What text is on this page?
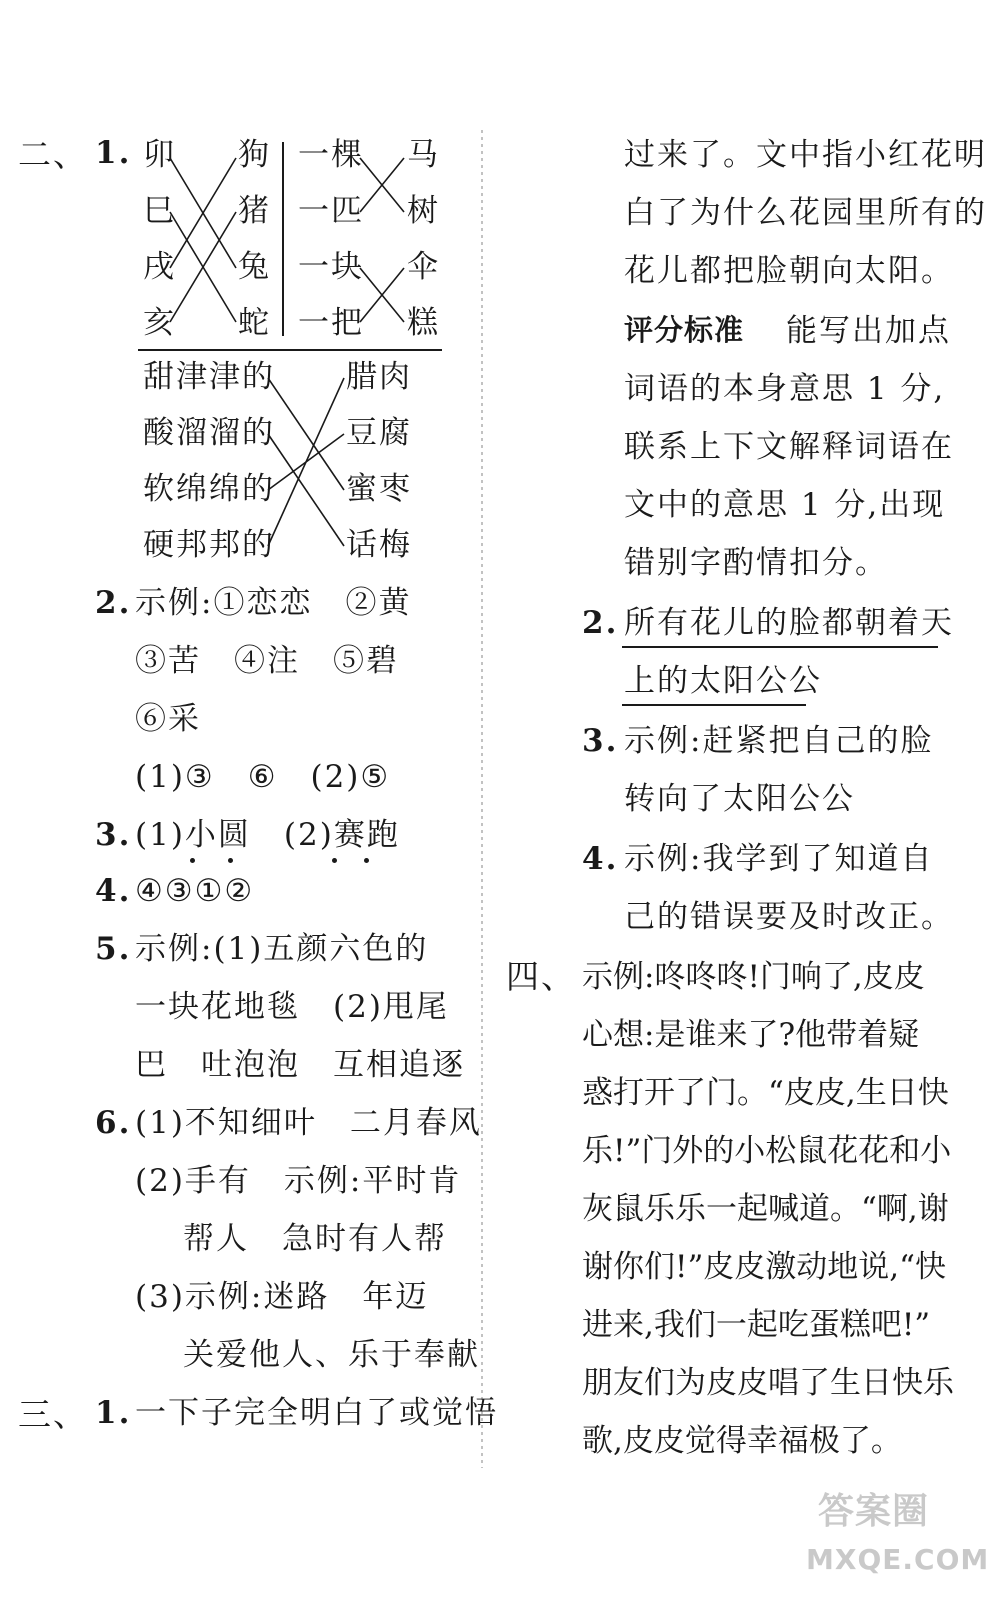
二、 1. 卯
巳
戌
亥
狗
猪
兔
蛇
一棵
一匹
一块
一把
马
树
伞
糕
甜津津的
酸溜溜的
软绵绵的
硬邦邦的
腊肉
豆腐
蜜枣
话梅
2. 示例:①恋恋　②黄
③苦　④注　⑤碧
⑥采
(1)③　⑥　(2)⑤
3. (1)小圆　(2)赛跑
4. ④③①②
5. 示例:(1)五颜六色的
一块花地毯　(2)甩尾
巴　吐泡泡　互相追逐
6. (1)不知细叶　二月春风
(2)手有　示例:平时肯
帮人　急时有人帮
(3)示例:迷路　年迈
关爱他人、乐于奉献
三、 1. 一下子完全明白了或觉悟
过来了。文中指小红花明
白了为什么花园里所有的
花儿都把脸朝向太阳。
评分标准 能写出加点
词语的本身意思 1 分,
联系上下文解释词语在
文中的意思 1 分,出现
错别字酌情扣分。
2. 所有花儿的脸都朝着天
上的太阳公公
3. 示例:赶紧把自己的脸
转向了太阳公公
4. 示例:我学到了知道自
己的错误要及时改正。
四、 示例:咚咚咚!门响了,皮皮
心想:是谁来了?他带着疑
惑打开了门。“皮皮,生日快
乐!”门外的小松鼠花花和小
灰鼠乐乐一起喊道。“啊,谢
谢你们!”皮皮激动地说,“快
进来,我们一起吃蛋糕吧!”
朋友们为皮皮唱了生日快乐
歌,皮皮觉得幸福极了。
答案圈
MXQE.COM
